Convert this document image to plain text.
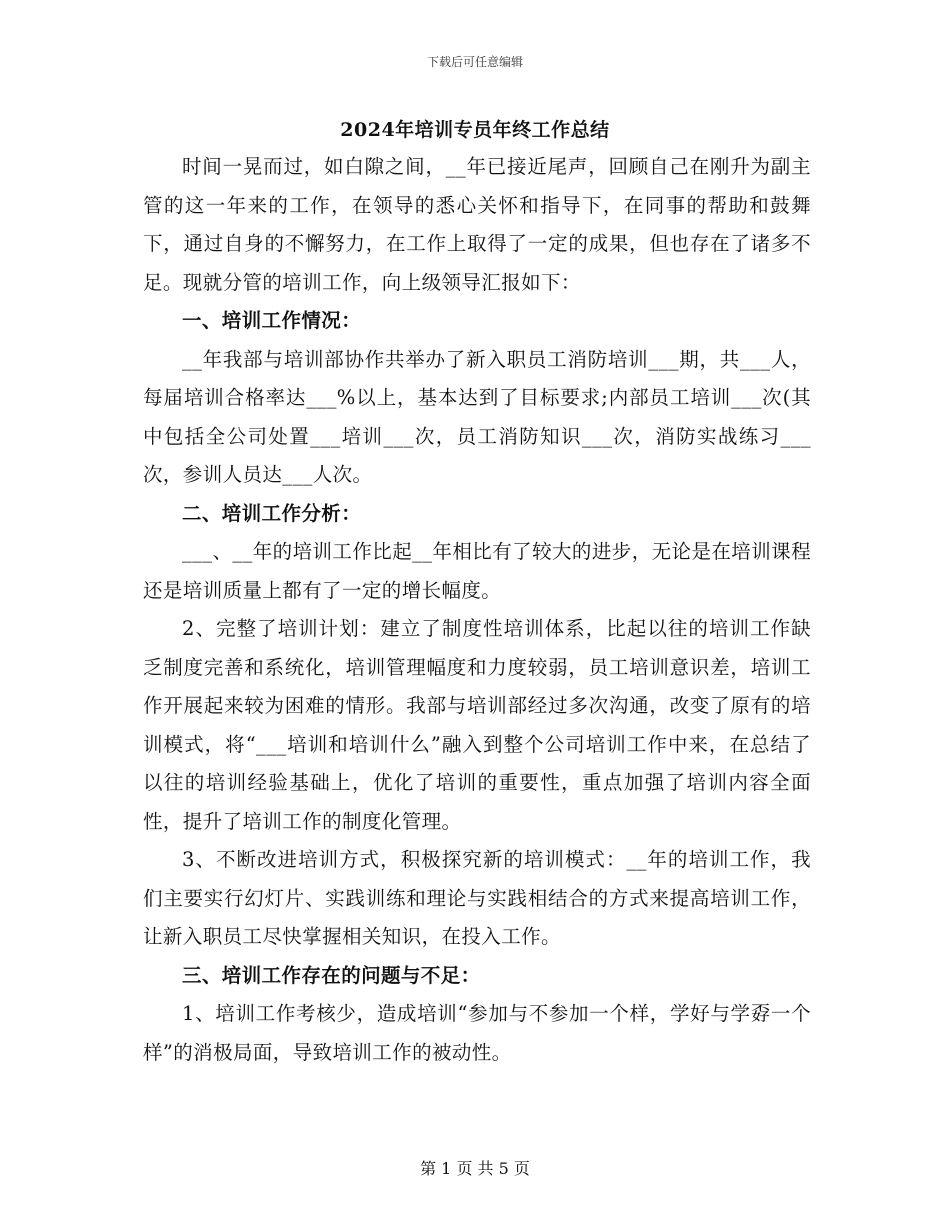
下载后可任意编辑
2024年培训专员年终工作总结

时间一晃而过，如白隙之间，__年已接近尾声，回顾自己在刚升为副主管的这一年来的工作，在领导的悉心关怀和指导下，在同事的帮助和鼓舞下，通过自身的不懈努力，在工作上取得了一定的成果，但也存在了诸多不足。现就分管的培训工作，向上级领导汇报如下：

一、培训工作情况：

__年我部与培训部协作共举办了新入职员工消防培训___期，共___人，每届培训合格率达___%以上，基本达到了目标要求;内部员工培训___次(其中包括全公司处置___培训___次，员工消防知识___次，消防实战练习___次，参训人员达___人次。

二、培训工作分析：

___、__年的培训工作比起__年相比有了较大的进步，无论是在培训课程还是培训质量上都有了一定的增长幅度。

2、完整了培训计划：建立了制度性培训体系，比起以往的培训工作缺乏制度完善和系统化，培训管理幅度和力度较弱，员工培训意识差，培训工作开展起来较为困难的情形。我部与培训部经过多次沟通，改变了原有的培训模式，将“___培训和培训什么”融入到整个公司培训工作中来，在总结了以往的培训经验基础上，优化了培训的重要性，重点加强了培训内容全面性，提升了培训工作的制度化管理。

3、不断改进培训方式，积极探究新的培训模式：__年的培训工作，我们主要实行幻灯片、实践训练和理论与实践相结合的方式来提高培训工作，让新入职员工尽快掌握相关知识，在投入工作。

三、培训工作存在的问题与不足：

1、培训工作考核少，造成培训“参加与不参加一个样，学好与学孬一个样”的消极局面，导致培训工作的被动性。

第 1 页 共 5 页
